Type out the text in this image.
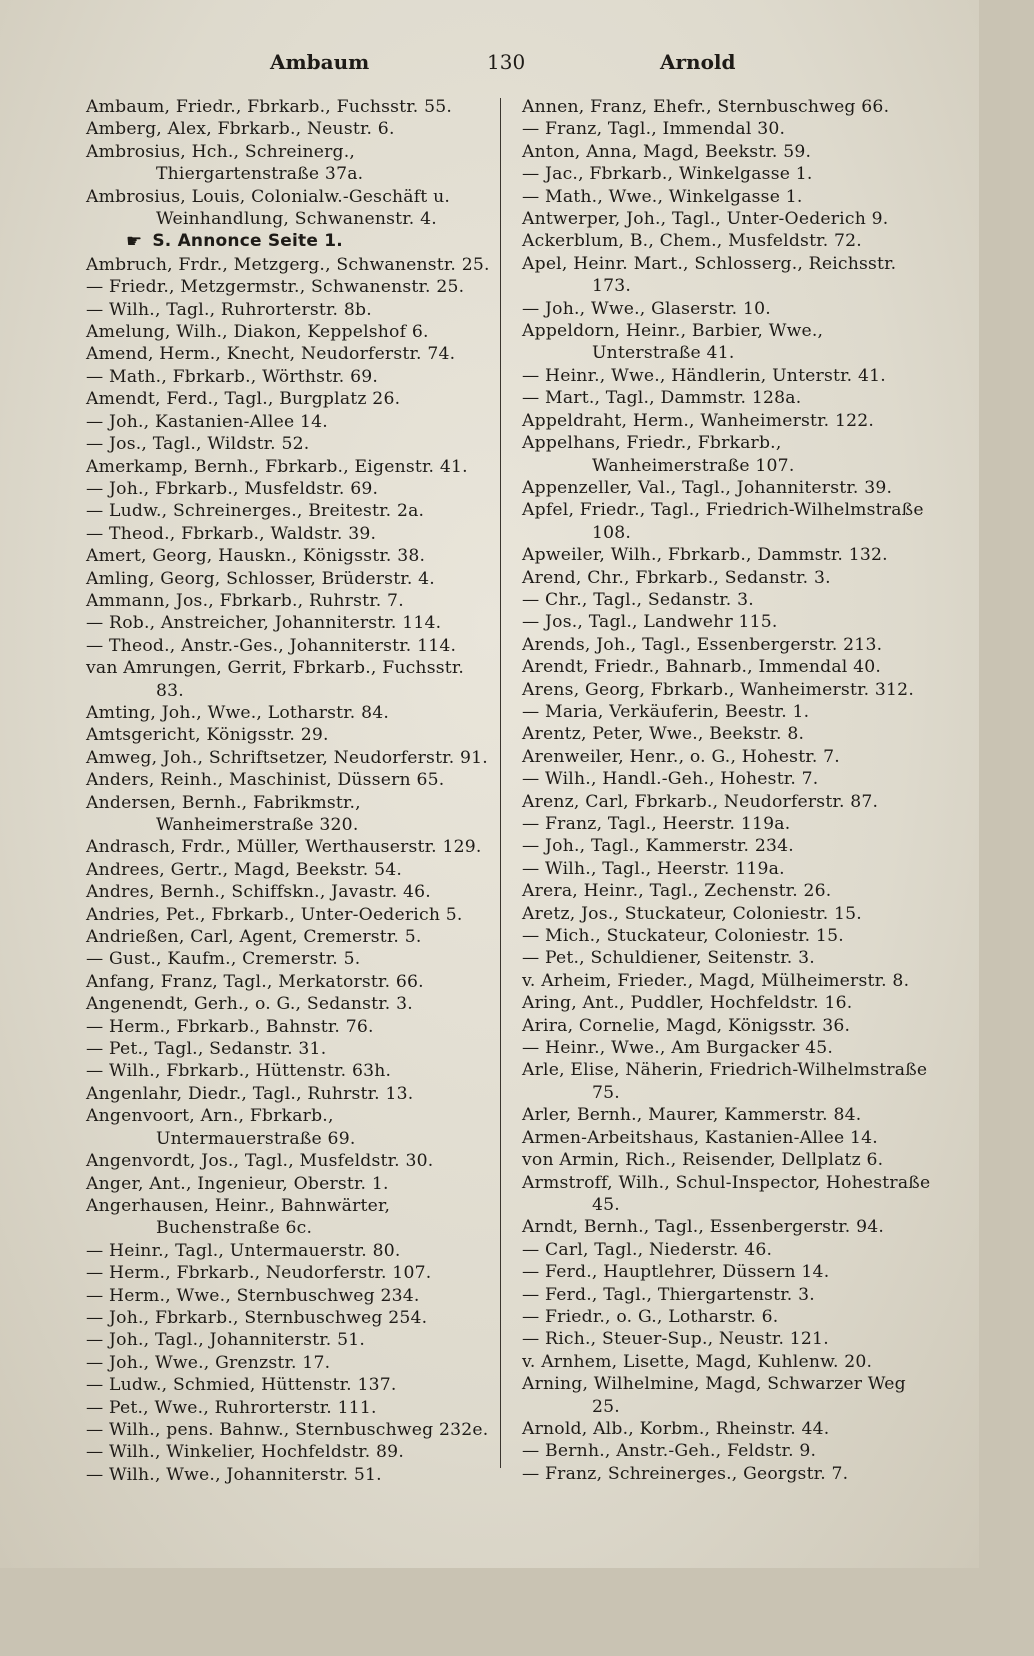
Ambaum	130	Arnold
Ambaum, Friedr., Fbrkarb., Fuchsstr. 55.
Amberg, Alex, Fbrkarb., Neustr. 6.
Ambrosius, Hch., Schreinerg., Thiergartenstraße 37a.
Ambrosius, Louis, Colonialw.-Geschäft u. Weinhandlung, Schwanenstr. 4.
☛ S. Annonce Seite 1.
Ambruch, Frdr., Metzgerg., Schwanenstr. 25.
— Friedr., Metzgermstr., Schwanenstr. 25.
— Wilh., Tagl., Ruhrorterstr. 8b.
Amelung, Wilh., Diakon, Keppelshof 6.
Amend, Herm., Knecht, Neudorferstr. 74.
— Math., Fbrkarb., Wörthstr. 69.
Amendt, Ferd., Tagl., Burgplatz 26.
— Joh., Kastanien-Allee 14.
— Jos., Tagl., Wildstr. 52.
Amerkamp, Bernh., Fbrkarb., Eigenstr. 41.
— Joh., Fbrkarb., Musfeldstr. 69.
— Ludw., Schreinerges., Breitestr. 2a.
— Theod., Fbrkarb., Waldstr. 39.
Amert, Georg, Hauskn., Königsstr. 38.
Amling, Georg, Schlosser, Brüderstr. 4.
Ammann, Jos., Fbrkarb., Ruhrstr. 7.
— Rob., Anstreicher, Johanniterstr. 114.
— Theod., Anstr.-Ges., Johanniterstr. 114.
van Amrungen, Gerrit, Fbrkarb., Fuchsstr. 83.
Amting, Joh., Wwe., Lotharstr. 84.
Amtsgericht, Königsstr. 29.
Amweg, Joh., Schriftsetzer, Neudorferstr. 91.
Anders, Reinh., Maschinist, Düssern 65.
Andersen, Bernh., Fabrikmstr., Wanheimerstraße 320.
Andrasch, Frdr., Müller, Werthauserstr. 129.
Andrees, Gertr., Magd, Beekstr. 54.
Andres, Bernh., Schiffskn., Javastr. 46.
Andries, Pet., Fbrkarb., Unter-Oederich 5.
Andrießen, Carl, Agent, Cremerstr. 5.
— Gust., Kaufm., Cremerstr. 5.
Anfang, Franz, Tagl., Merkatorstr. 66.
Angenendt, Gerh., o. G., Sedanstr. 3.
— Herm., Fbrkarb., Bahnstr. 76.
— Pet., Tagl., Sedanstr. 31.
— Wilh., Fbrkarb., Hüttenstr. 63h.
Angenlahr, Diedr., Tagl., Ruhrstr. 13.
Angenvoort, Arn., Fbrkarb., Untermauerstraße 69.
Angenvordt, Jos., Tagl., Musfeldstr. 30.
Anger, Ant., Ingenieur, Oberstr. 1.
Angerhausen, Heinr., Bahnwärter, Buchenstraße 6c.
— Heinr., Tagl., Untermauerstr. 80.
— Herm., Fbrkarb., Neudorferstr. 107.
— Herm., Wwe., Sternbuschweg 234.
— Joh., Fbrkarb., Sternbuschweg 254.
— Joh., Tagl., Johanniterstr. 51.
— Joh., Wwe., Grenzstr. 17.
— Ludw., Schmied, Hüttenstr. 137.
— Pet., Wwe., Ruhrorterstr. 111.
— Wilh., pens. Bahnw., Sternbuschweg 232e.
— Wilh., Winkelier, Hochfeldstr. 89.
— Wilh., Wwe., Johanniterstr. 51.
Annen, Franz, Ehefr., Sternbuschweg 66.
— Franz, Tagl., Immendal 30.
Anton, Anna, Magd, Beekstr. 59.
— Jac., Fbrkarb., Winkelgasse 1.
— Math., Wwe., Winkelgasse 1.
Antwerper, Joh., Tagl., Unter-Oederich 9.
Ackerblum, B., Chem., Musfeldstr. 72.
Apel, Heinr. Mart., Schlosserg., Reichsstr. 173.
— Joh., Wwe., Glaserstr. 10.
Appeldorn, Heinr., Barbier, Wwe., Unterstraße 41.
— Heinr., Wwe., Händlerin, Unterstr. 41.
— Mart., Tagl., Dammstr. 128a.
Appeldraht, Herm., Wanheimerstr. 122.
Appelhans, Friedr., Fbrkarb., Wanheimerstraße 107.
Appenzeller, Val., Tagl., Johanniterstr. 39.
Apfel, Friedr., Tagl., Friedrich-Wilhelmstraße 108.
Apweiler, Wilh., Fbrkarb., Dammstr. 132.
Arend, Chr., Fbrkarb., Sedanstr. 3.
— Chr., Tagl., Sedanstr. 3.
— Jos., Tagl., Landwehr 115.
Arends, Joh., Tagl., Essenbergerstr. 213.
Arendt, Friedr., Bahnarb., Immendal 40.
Arens, Georg, Fbrkarb., Wanheimerstr. 312.
— Maria, Verkäuferin, Beestr. 1.
Arentz, Peter, Wwe., Beekstr. 8.
Arenweiler, Henr., o. G., Hohestr. 7.
— Wilh., Handl.-Geh., Hohestr. 7.
Arenz, Carl, Fbrkarb., Neudorferstr. 87.
— Franz, Tagl., Heerstr. 119a.
— Joh., Tagl., Kammerstr. 234.
— Wilh., Tagl., Heerstr. 119a.
Arera, Heinr., Tagl., Zechenstr. 26.
Aretz, Jos., Stuckateur, Coloniestr. 15.
— Mich., Stuckateur, Coloniestr. 15.
— Pet., Schuldiener, Seitenstr. 3.
v. Arheim, Frieder., Magd, Mülheimerstr. 8.
Aring, Ant., Puddler, Hochfeldstr. 16.
Arira, Cornelie, Magd, Königsstr. 36.
— Heinr., Wwe., Am Burgacker 45.
Arle, Elise, Näherin, Friedrich-Wilhelmstraße 75.
Arler, Bernh., Maurer, Kammerstr. 84.
Armen-Arbeitshaus, Kastanien-Allee 14.
von Armin, Rich., Reisender, Dellplatz 6.
Armstroff, Wilh., Schul-Inspector, Hohestraße 45.
Arndt, Bernh., Tagl., Essenbergerstr. 94.
— Carl, Tagl., Niederstr. 46.
— Ferd., Hauptlehrer, Düssern 14.
— Ferd., Tagl., Thiergartenstr. 3.
— Friedr., o. G., Lotharstr. 6.
— Rich., Steuer-Sup., Neustr. 121.
v. Arnhem, Lisette, Magd, Kuhlenw. 20.
Arning, Wilhelmine, Magd, Schwarzer Weg 25.
Arnold, Alb., Korbm., Rheinstr. 44.
— Bernh., Anstr.-Geh., Feldstr. 9.
— Franz, Schreinerges., Georgstr. 7.
